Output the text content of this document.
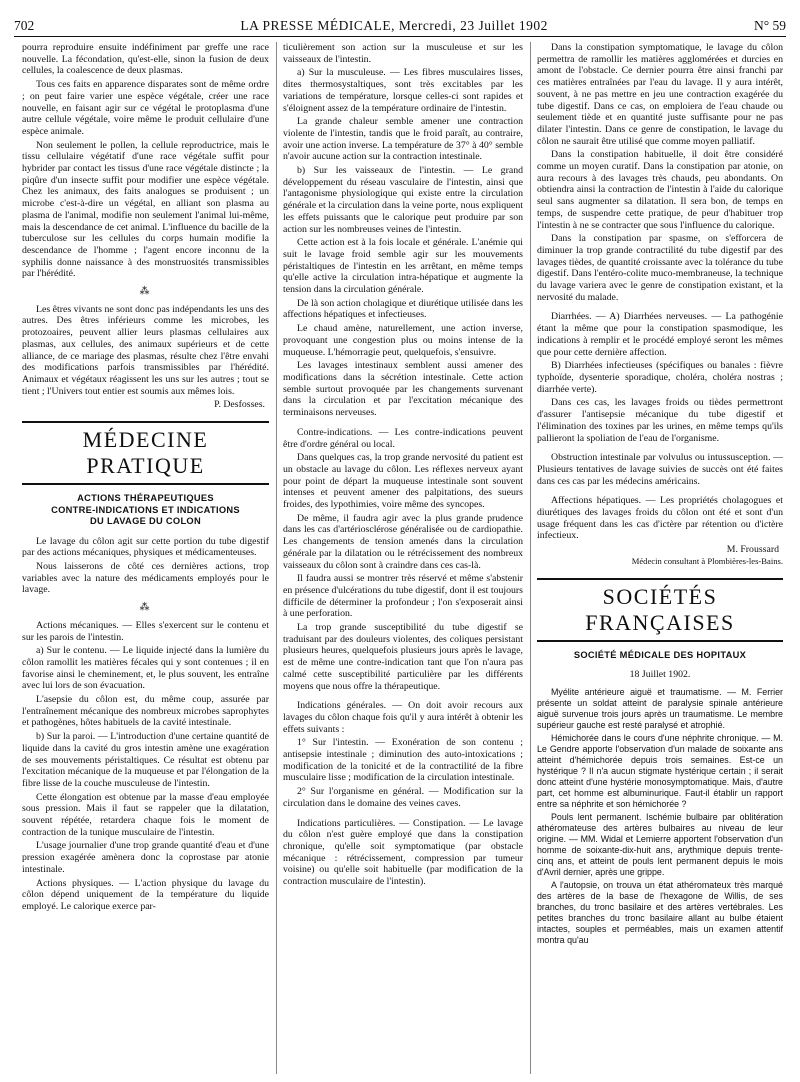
702	LA PRESSE MÉDICALE, Mercredi, 23 Juillet 1902	N° 59

pourra reproduire ensuite indéfiniment par greffe une race nouvelle. La fécondation, qu'est-elle, sinon la fusion de deux cellules, la coalescence de deux plasmas.

Tous ces faits en apparence disparates sont de même ordre ; on peut faire varier une espèce végétale, créer une race nouvelle, en faisant agir sur ce végétal le protoplasma d'une autre cellule végétale, voire même le produit cellulaire d'une espèce animale.

Non seulement le pollen, la cellule reproductrice, mais le tissu cellulaire végétatif d'une race végétale suffit pour hybrider par contact les tissus d'une race végétale distincte ; la piqûre d'un insecte suffit pour modifier une espèce végétale. Chez les animaux, des faits analogues se produisent ; un microbe c'est-à-dire un végétal, en alliant son plasma au plasma de l'animal, modifie non seulement l'animal lui-même, mais la descendance de cet animal. L'influence du bacille de la tuberculose sur les cellules du corps humain modifie la descendance de l'homme ; l'agent encore inconnu de la syphilis donne naissance à des monstruosités transmissibles par l'hérédité.

⁂

Les êtres vivants ne sont donc pas indépendants les uns des autres. Des êtres inférieurs comme les microbes, les protozoaires, peuvent allier leurs plasmas cellulaires aux plasmas, aux cellules, des animaux supérieurs et de cette alliance, de ce mariage des plasmas, résulte chez l'être envahi des modifications parfois transmissibles par l'hérédité. Animaux et végétaux réagissent les uns sur les autres ; tout se tient ; l'Univers tout entier est soumis aux mêmes lois.

P. Desfosses.

MÉDECINE PRATIQUE
ACTIONS THÉRAPEUTIQUES
CONTRE-INDICATIONS ET INDICATIONS
DU LAVAGE DU COLON

Le lavage du côlon agit sur cette portion du tube digestif par des actions mécaniques, physiques et médicamenteuses.

Nous laisserons de côté ces dernières actions, trop variables avec la nature des médicaments employés pour le lavage.

⁂

Actions mécaniques. — Elles s'exercent sur le contenu et sur les parois de l'intestin.

a) Sur le contenu. — Le liquide injecté dans la lumière du côlon ramollit les matières fécales qui y sont contenues ; il en favorise ainsi le cheminement, et, le plus souvent, les entraîne avec lui lors de son évacuation.

L'asepsie du côlon est, du même coup, assurée par l'entraînement mécanique des nombreux microbes saprophytes et pathogènes, hôtes habituels de la cavité intestinale.

b) Sur la paroi. — L'introduction d'une certaine quantité de liquide dans la cavité du gros intestin amène une exagération de ses mouvements péristaltiques. Ce résultat est obtenu par l'excitation mécanique de la muqueuse et par l'élongation de la fibre lisse de la couche musculeuse de l'intestin.

Cette élongation est obtenue par la masse d'eau employée sous pression. Mais il faut se rappeler que la dilatation, souvent répétée, retardera chaque fois le moment de contraction de la tunique musculaire de l'intestin.

L'usage journalier d'une trop grande quantité d'eau et d'une pression exagérée amènera donc la coprostase par atonie intestinale.

Actions physiques. — L'action physique du lavage du côlon dépend uniquement de la température du liquide employé. Le calorique exerce par-

ticulièrement son action sur la musculeuse et sur les vaisseaux de l'intestin.

a) Sur la musculeuse. — Les fibres musculaires lisses, dites thermosystaltiques, sont très excitables par les variations de température, lorsque celles-ci sont rapides et s'éloignent assez de la température ordinaire de l'intestin.

La grande chaleur semble amener une contraction violente de l'intestin, tandis que le froid paraît, au contraire, avoir une action inverse. La température de 37° à 40° semble n'avoir aucune action sur la contraction intestinale.

b) Sur les vaisseaux de l'intestin. — Le grand développement du réseau vasculaire de l'intestin, ainsi que l'antagonisme physiologique qui existe entre la circulation générale et la circulation dans la veine porte, nous expliquent les effets puissants que le calorique peut produire par son action sur les nombreuses veines de l'intestin.

Cette action est à la fois locale et générale. L'anémie qui suit le lavage froid semble agir sur les mouvements péristaltiques de l'intestin en les arrêtant, en même temps qu'elle active la circulation intra-hépatique et augmente la tension dans la circulation générale.

De là son action cholagique et diurétique utilisée dans les affections hépatiques et infectieuses.

Le chaud amène, naturellement, une action inverse, provoquant une congestion plus ou moins intense de la muqueuse. L'hémorragie peut, quelquefois, s'ensuivre.

Les lavages intestinaux semblent aussi amener des modifications dans la sécrétion intestinale. Cette action semble surtout provoquée par les changements survenant dans la circulation et par l'excitation mécanique des terminaisons nerveuses.

Contre-indications. — Les contre-indications peuvent être d'ordre général ou local.

Dans quelques cas, la trop grande nervosité du patient est un obstacle au lavage du côlon. Les réflexes nerveux ayant pour point de départ la muqueuse intestinale sont souvent intenses et peuvent amener des palpitations, des sueurs froides, des lypothimies, voire même des syncopes.

De même, il faudra agir avec la plus grande prudence dans les cas d'artériosclérose généralisée ou de cardiopathie. Les changements de tension amenés dans la circulation générale par la dilatation ou le rétrécissement des nombreux vaisseaux du côlon sont à craindre dans ces cas-là.

Il faudra aussi se montrer très réservé et même s'abstenir en présence d'ulcérations du tube digestif, dont il est toujours difficile de déterminer la profondeur ; l'on s'exposerait ainsi à une perforation.

La trop grande susceptibilité du tube digestif se traduisant par des douleurs violentes, des coliques persistant plusieurs heures, quelquefois plusieurs jours après le lavage, est de même une contre-indication tant que l'on n'aura pas calmé cette susceptibilité particulière par les différents moyens que nous offre la thérapeutique.

Indications générales. — On doit avoir recours aux lavages du côlon chaque fois qu'il y aura intérêt à obtenir les effets suivants :

1° Sur l'intestin. — Exonération de son contenu ; antisepsie intestinale ; diminution des auto-intoxications ; modification de la tonicité et de la contractilité de la fibre musculaire lisse ; modification de la circulation intestinale.

2° Sur l'organisme en général. — Modification sur la circulation dans le domaine des veines caves.

Indications particulières. — Constipation. — Le lavage du côlon n'est guère employé que dans la constipation chronique, qu'elle soit symptomatique (par obstacle mécanique : rétrécissement, compression par tumeur voisine) ou qu'elle soit habituelle (par modification de la contraction musculaire de l'intestin).

Dans la constipation symptomatique, le lavage du côlon permettra de ramollir les matières agglomérées et durcies en amont de l'obstacle. Ce dernier pourra être ainsi franchi par ces matières entraînées par l'eau du lavage. Il y aura intérêt, souvent, à ne pas mettre en jeu une contraction exagérée du tube digestif. Dans ce cas, on emploiera de l'eau chaude ou seulement tiède et en quantité juste suffisante pour ne pas dilater l'intestin. Dans ce genre de constipation, le lavage du côlon ne saurait être utilisé que comme moyen palliatif.

Dans la constipation habituelle, il doit être considéré comme un moyen curatif. Dans la constipation par atonie, on aura recours à des lavages très chauds, peu abondants. On obtiendra ainsi la contraction de l'intestin à l'aide du calorique seul sans augmenter sa dilatation. Il sera bon, de temps en temps, de suspendre cette pratique, de peur d'habituer trop l'intestin à ne se contracter que sous l'influence du calorique.

Dans la constipation par spasme, on s'efforcera de diminuer la trop grande contractilité du tube digestif par des lavages tièdes, de quantité croissante avec la tolérance du tube digestif. Dans l'entéro-colite muco-membraneuse, la technique du lavage variera avec le genre de constipation existant, et la nervosité du malade.

Diarrhées. — A) Diarrhées nerveuses. — La pathogénie étant la même que pour la constipation spasmodique, les indications à remplir et le procédé employé seront les mêmes que pour cette dernière affection.

B) Diarrhées infectieuses (spécifiques ou banales : fièvre typhoïde, dysenterie sporadique, choléra, choléra nostras ; diarrhée verte).

Dans ces cas, les lavages froids ou tièdes permettront d'assurer l'antisepsie mécanique du tube digestif et l'élimination des toxines par les urines, en même temps qu'ils pallieront la spoliation de l'eau de l'organisme.

Obstruction intestinale par volvulus ou intussusception. — Plusieurs tentatives de lavage suivies de succès ont été faites dans ces cas par les médecins américains.

Affections hépatiques. — Les propriétés cholagogues et diurétiques des lavages froids du côlon ont été et sont d'un usage fréquent dans les cas d'ictère par rétention ou d'ictère infectieux.

M. Froussard

Médecin consultant à Plombières-les-Bains.

SOCIÉTÉS FRANÇAISES
SOCIÉTÉ MÉDICALE DES HOPITAUX

18 Juillet 1902.

Myélite antérieure aiguë et traumatisme. — M. Ferrier présente un soldat atteint de paralysie spinale antérieure aiguë survenue trois jours après un traumatisme. Le membre supérieur gauche est resté paralysé et atrophié.

Hémichorée dans le cours d'une néphrite chronique. — M. Le Gendre apporte l'observation d'un malade de soixante ans atteint d'hémichorée depuis trois semaines. Est-ce un hystérique ? Il n'a aucun stigmate hystérique certain ; il serait donc atteint d'une hystérie monosymptomatique. Mais, d'autre part, cet homme est albuminurique. Faut-il établir un rapport entre sa néphrite et son hémichorée ?

Pouls lent permanent. Ischémie bulbaire par oblitération athéromateuse des artères bulbaires au niveau de leur origine. — MM. Widal et Lemierre apportent l'observation d'un homme de soixante-dix-huit ans, arythmique depuis trente-cinq ans, et atteint de pouls lent permanent depuis le mois d'Avril dernier, après une grippe.

A l'autopsie, on trouva un état athéromateux très marqué des artères de la base de l'hexagone de Willis, de ses branches, du tronc basilaire et des artères vertébrales. Les petites branches du tronc basilaire allant au bulbe étaient intactes, souples et perméables, mais un examen attentif montra qu'au
